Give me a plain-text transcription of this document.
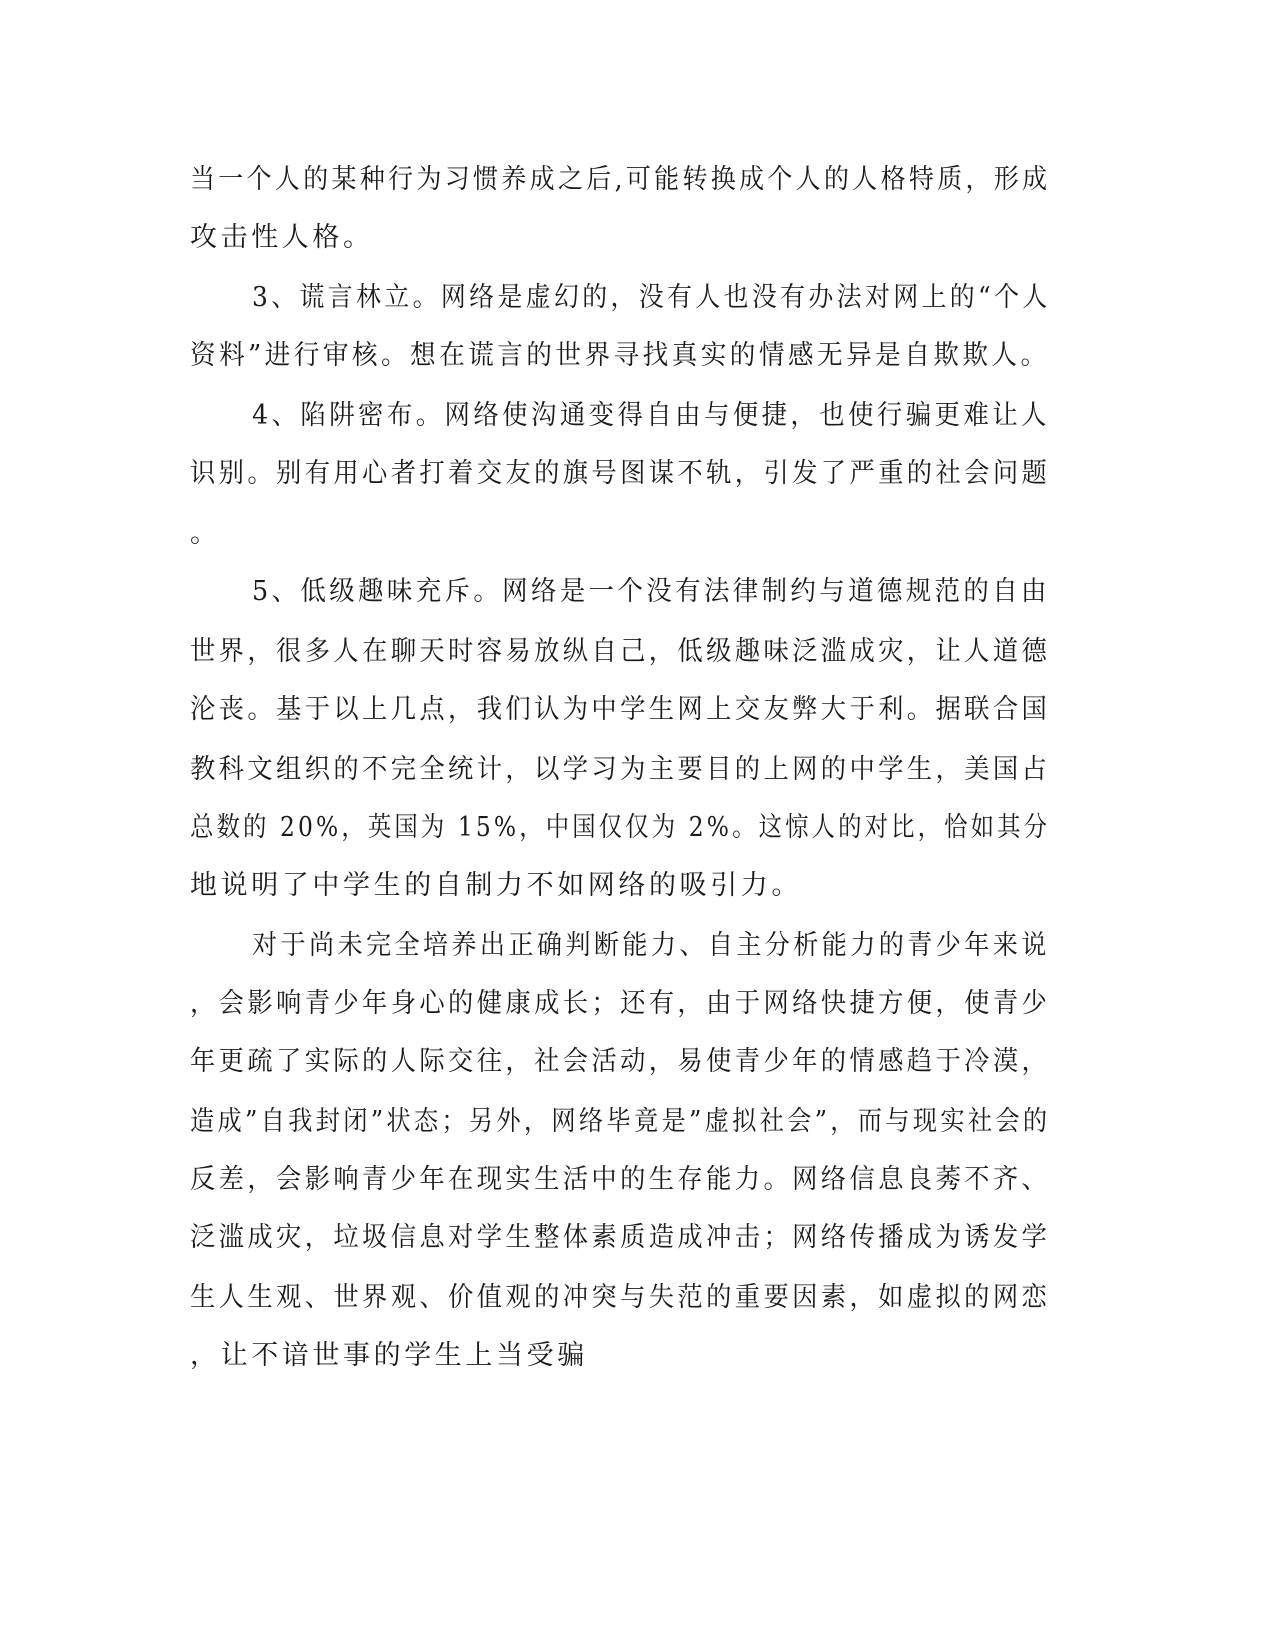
当一个人的某种行为习惯养成之后,可能转换成个人的人格特质，形成
攻击性人格。
3、谎言林立。网络是虚幻的，没有人也没有办法对网上的“个人
资料”进行审核。想在谎言的世界寻找真实的情感无异是自欺欺人。
4、陷阱密布。网络使沟通变得自由与便捷，也使行骗更难让人
识别。别有用心者打着交友的旗号图谋不轨，引发了严重的社会问题
。
5、低级趣味充斥。网络是一个没有法律制约与道德规范的自由
世界，很多人在聊天时容易放纵自己，低级趣味泛滥成灾，让人道德
沦丧。基于以上几点，我们认为中学生网上交友弊大于利。据联合国
教科文组织的不完全统计，以学习为主要目的上网的中学生，美国占
总数的 20%，英国为 15%，中国仅仅为 2%。这惊人的对比，恰如其分
地说明了中学生的自制力不如网络的吸引力。
对于尚未完全培养出正确判断能力、自主分析能力的青少年来说
，会影响青少年身心的健康成长；还有，由于网络快捷方便，使青少
年更疏了实际的人际交往，社会活动，易使青少年的情感趋于冷漠，
造成”自我封闭”状态；另外，网络毕竟是”虚拟社会”，而与现实社会的
反差，会影响青少年在现实生活中的生存能力。网络信息良莠不齐、
泛滥成灾，垃圾信息对学生整体素质造成冲击；网络传播成为诱发学
生人生观、世界观、价值观的冲突与失范的重要因素，如虚拟的网恋
，让不谙世事的学生上当受骗
